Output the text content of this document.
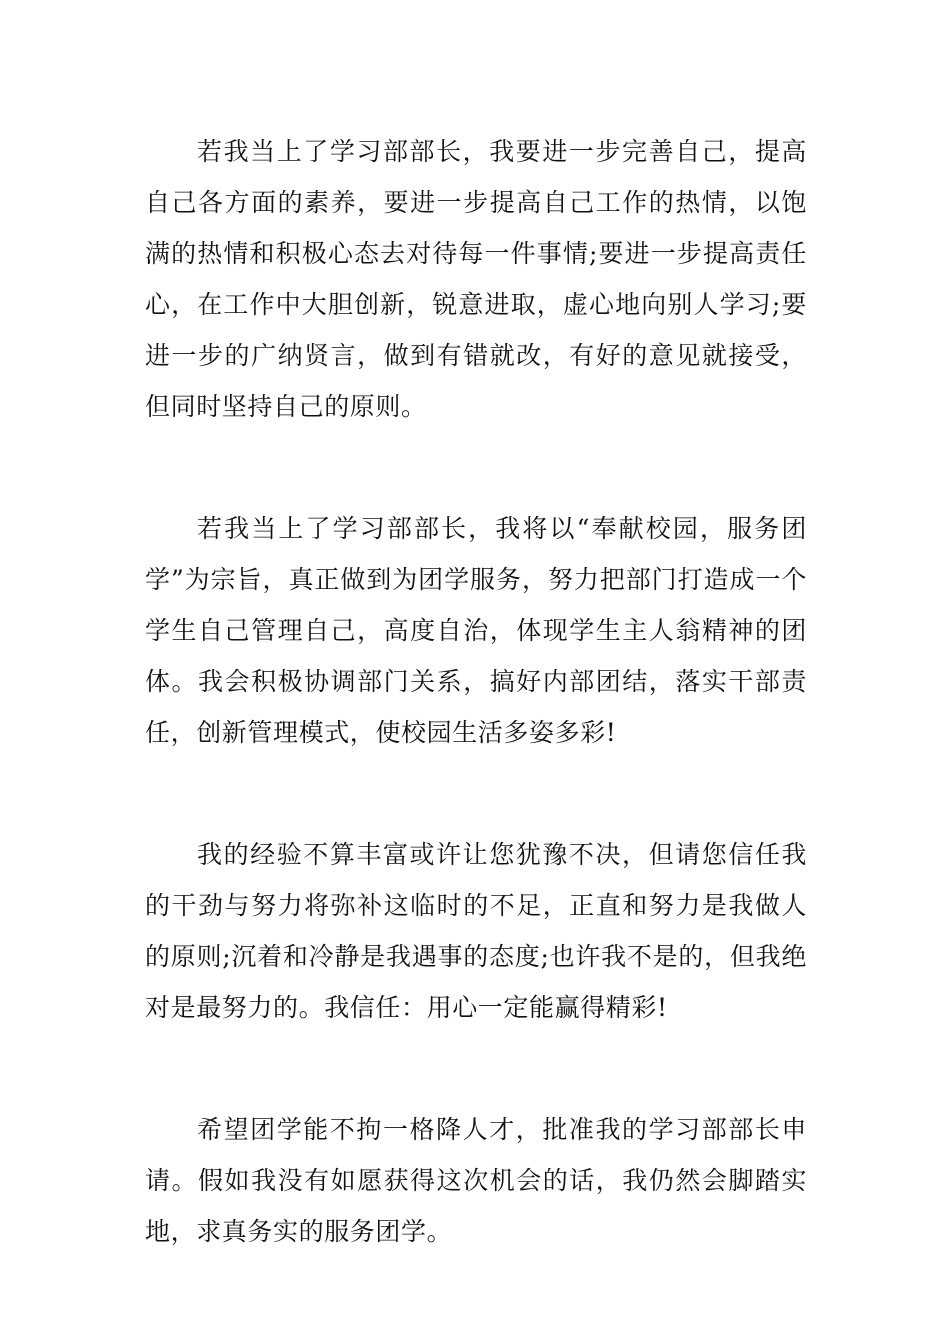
若我当上了学习部部长，我要进一步完善自己，提高自己各方面的素养，要进一步提高自己工作的热情，以饱满的热情和积极心态去对待每一件事情;要进一步提高责任心，在工作中大胆创新，锐意进取，虚心地向别人学习;要进一步的广纳贤言，做到有错就改，有好的意见就接受，但同时坚持自己的原则。

若我当上了学习部部长，我将以“奉献校园，服务团学”为宗旨，真正做到为团学服务，努力把部门打造成一个学生自己管理自己，高度自治，体现学生主人翁精神的团体。我会积极协调部门关系，搞好内部团结，落实干部责任，创新管理模式，使校园生活多姿多彩!

我的经验不算丰富或许让您犹豫不决，但请您信任我的干劲与努力将弥补这临时的不足，正直和努力是我做人的原则;沉着和冷静是我遇事的态度;也许我不是的，但我绝对是最努力的。我信任：用心一定能赢得精彩!

希望团学能不拘一格降人才，批准我的学习部部长申请。假如我没有如愿获得这次机会的话，我仍然会脚踏实地，求真务实的服务团学。
